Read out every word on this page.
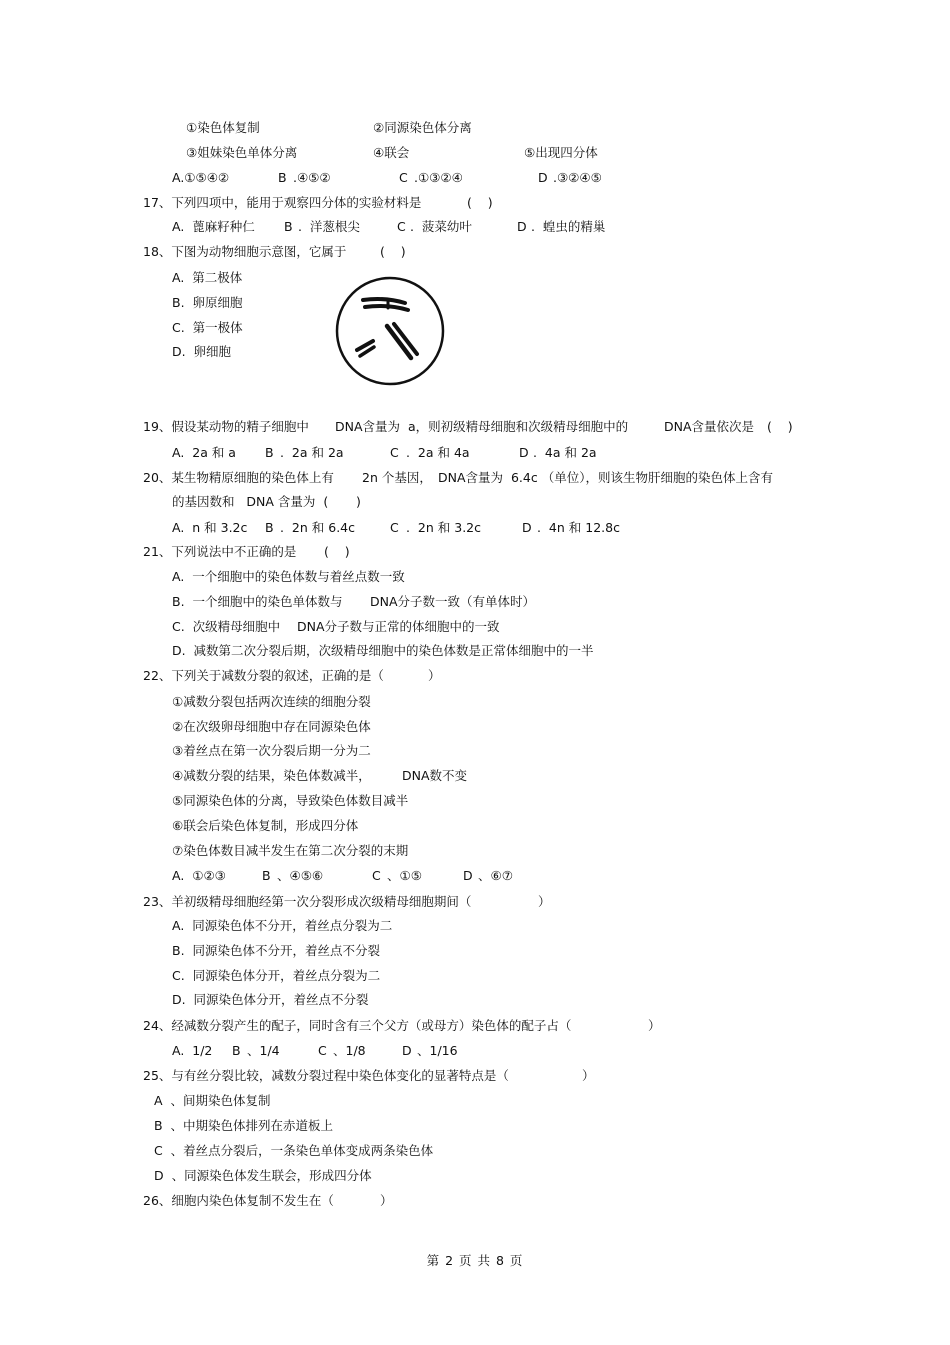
①染色体复制	②同源染色体分离
③姐妹染色单体分离	④联会	⑤出现四分体
A.①⑤④②	B .④⑤②	C .①③②④	D .③②④⑤
17、下列四项中，能用于观察四分体的实验材料是	(    )
A.  蓖麻籽种仁 B .  洋葱根尖	C .  菠菜幼叶	D .  蝗虫的精巢
18、下图为动物细胞示意图，它属于	(    )
A.  第二极体
B.  卵原细胞
C.  第一极体
D.  卵细胞
19、假设某动物的精子细胞中 DNA含量为  a，则初级精母细胞和次级精母细胞中的	DNA含量依次是 (    )
A.  2a 和 a B .  2a 和 2a	C .  2a 和 4a	D .  4a 和 2a
20、某生物精原细胞的染色体上有 2n 个基因， DNA含量为  6.4c （单位），则该生物肝细胞的染色体上含有
的基因数和   DNA 含量为  (       )
A.  n 和 3.2c B .  2n 和 6.4c	C .  2n 和 3.2c	D .  4n 和 12.8c
21、下列说法中不正确的是 (    )
A.  一个细胞中的染色体数与着丝点数一致
B.  一个细胞中的染色单体数与 DNA分子数一致（有单体时）
C.  次级精母细胞中 DNA分子数与正常的体细胞中的一致
D.  减数第二次分裂后期，次级精母细胞中的染色体数是正常体细胞中的一半
22、下列关于减数分裂的叙述，正确的是（	）
①减数分裂包括两次连续的细胞分裂
②在次级卵母细胞中存在同源染色体
③着丝点在第一次分裂后期一分为二
④减数分裂的结果，染色体数减半，	DNA数不变
⑤同源染色体的分离，导致染色体数目减半
⑥联会后染色体复制，形成四分体
⑦染色体数目减半发生在第二次分裂的末期
A.  ①②③	B 、④⑤⑥	C 、①⑤	D 、⑥⑦
23、羊初级精母细胞经第一次分裂形成次级精母细胞期间（	）
A.  同源染色体不分开，着丝点分裂为二
B.  同源染色体不分开，着丝点不分裂
C.  同源染色体分开，着丝点分裂为二
D.  同源染色体分开，着丝点不分裂
24、经减数分裂产生的配子，同时含有三个父方（或母方）染色体的配子占（	）
A.  1/2 B 、1/4	C 、1/8	D 、1/16
25、与有丝分裂比较，减数分裂过程中染色体变化的显著特点是（	）
A  、间期染色体复制
B  、中期染色体排列在赤道板上
C  、着丝点分裂后，一条染色单体变成两条染色体
D  、同源染色体发生联会，形成四分体
26、细胞内染色体复制不发生在（	）
第 2 页 共 8 页
